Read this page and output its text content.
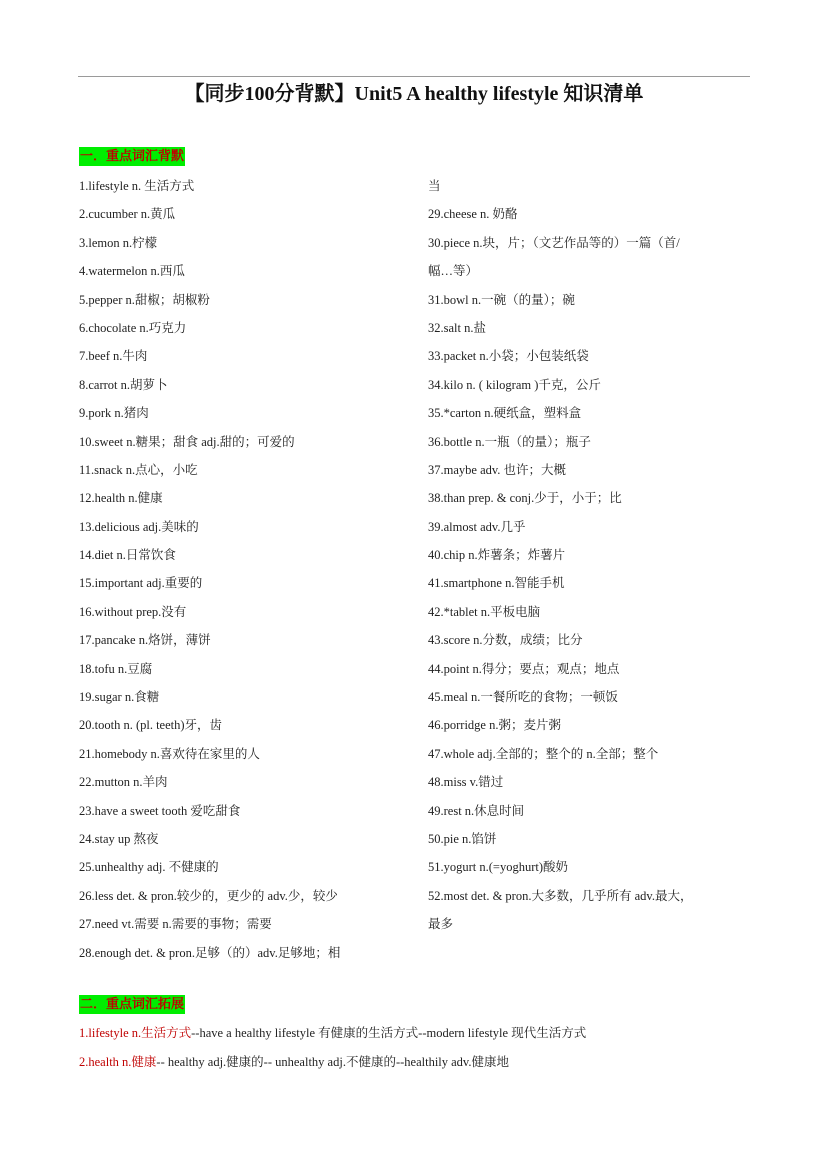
【同步100分背默】Unit5 A healthy lifestyle 知识清单
一．重点词汇背默
1.lifestyle n. 生活方式
2.cucumber n.黄瓜
3.lemon n.柠檬
4.watermelon n.西瓜
5.pepper n.甜椒；胡椒粉
6.chocolate n.巧克力
7.beef n.牛肉
8.carrot n.胡萝卜
9.pork n.猪肉
10.sweet n.糖果；甜食 adj.甜的；可爱的
11.snack n.点心，小吃
12.health n.健康
13.delicious adj.美味的
14.diet n.日常饮食
15.important adj.重要的
16.without prep.没有
17.pancake n.烙饼，薄饼
18.tofu n.豆腐
19.sugar n.食糖
20.tooth n. (pl. teeth)牙，齿
21.homebody n.喜欢待在家里的人
22.mutton n.羊肉
23.have a sweet tooth 爱吃甜食
24.stay up 熬夜
25.unhealthy adj. 不健康的
26.less det. & pron.较少的，更少的 adv.少，较少
27.need vt.需要 n.需要的事物；需要
28.enough det. & pron.足够（的）adv.足够地；相
当
29.cheese n. 奶酪
30.piece n.块，片；（文艺作品等的）一篇（首/
幅…等）
31.bowl n.一碗（的量）；碗
32.salt n.盐
33.packet n.小袋；小包装纸袋
34.kilo n. ( kilogram )千克，公斤
35.*carton n.硬纸盒，塑料盒
36.bottle n.一瓶（的量）；瓶子
37.maybe adv. 也许；大概
38.than prep. & conj.少于，小于；比
39.almost adv.几乎
40.chip n.炸薯条；炸薯片
41.smartphone n.智能手机
42.*tablet n.平板电脑
43.score n.分数，成绩；比分
44.point n.得分；要点；观点；地点
45.meal n.一餐所吃的食物；一顿饭
46.porridge n.粥；麦片粥
47.whole adj.全部的；整个的 n.全部；整个
48.miss v.错过
49.rest n.休息时间
50.pie n.馅饼
51.yogurt n.(=yoghurt)酸奶
52.most det. & pron.大多数，几乎所有 adv.最大，
最多
二．重点词汇拓展
1.lifestyle n.生活方式--have a healthy lifestyle 有健康的生活方式--modern lifestyle 现代生活方式
2.health n.健康-- healthy adj.健康的-- unhealthy adj.不健康的--healthily adv.健康地
